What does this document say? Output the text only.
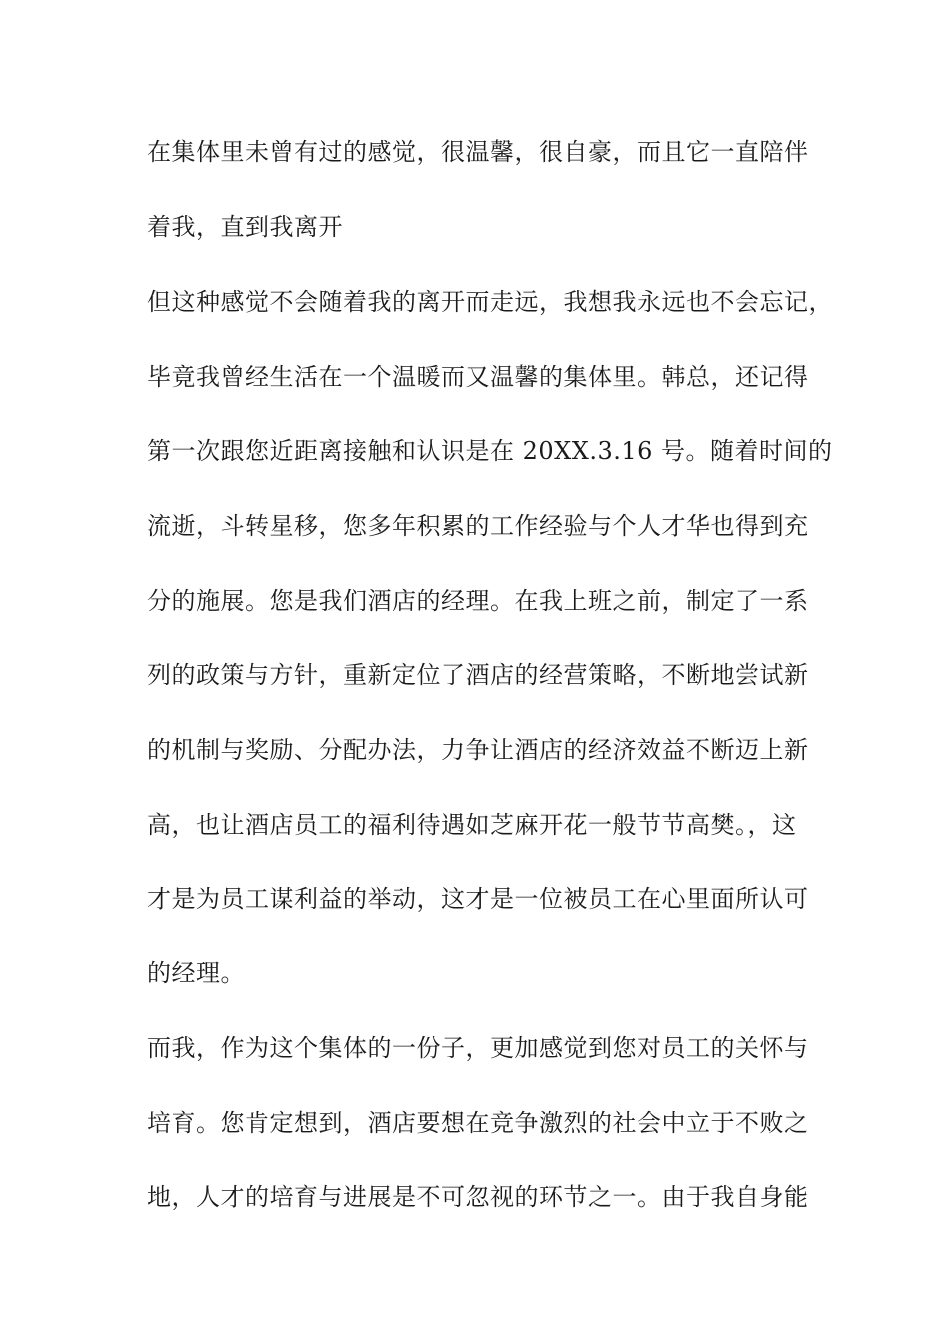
在集体里未曾有过的感觉，很温馨，很自豪，而且它一直陪伴
着我，直到我离开
但这种感觉不会随着我的离开而走远，我想我永远也不会忘记，
毕竟我曾经生活在一个温暖而又温馨的集体里。韩总，还记得
第一次跟您近距离接触和认识是在 20XX.3.16 号。随着时间的
流逝，斗转星移，您多年积累的工作经验与个人才华也得到充
分的施展。您是我们酒店的经理。在我上班之前，制定了一系
列的政策与方针，重新定位了酒店的经营策略，不断地尝试新
的机制与奖励、分配办法，力争让酒店的经济效益不断迈上新
高，也让酒店员工的福利待遇如芝麻开花一般节节高樊。，这
才是为员工谋利益的举动，这才是一位被员工在心里面所认可
的经理。
而我，作为这个集体的一份子，更加感觉到您对员工的关怀与
培育。您肯定想到，酒店要想在竞争激烈的社会中立于不败之
地，人才的培育与进展是不可忽视的环节之一。由于我自身能
